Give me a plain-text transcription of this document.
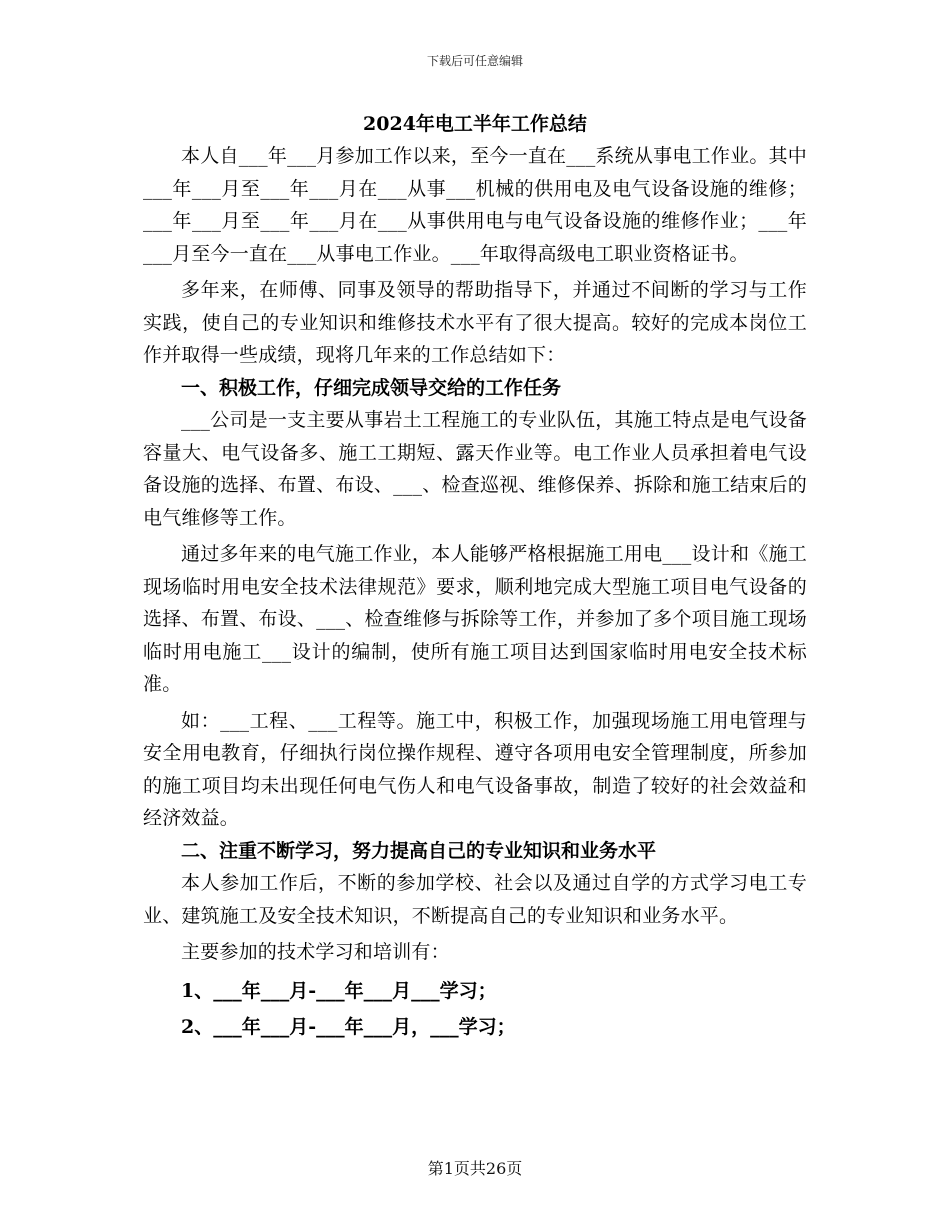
下载后可任意编辑
2024年电工半年工作总结

本人自___年___月参加工作以来，至今一直在___系统从事电工作业。其中___年___月至___年___月在___从事___机械的供用电及电气设备设施的维修；___年___月至___年___月在___从事供用电与电气设备设施的维修作业；___年___月至今一直在___从事电工作业。___年取得高级电工职业资格证书。

多年来，在师傅、同事及领导的帮助指导下，并通过不间断的学习与工作实践，使自己的专业知识和维修技术水平有了很大提高。较好的完成本岗位工作并取得一些成绩，现将几年来的工作总结如下：

一、积极工作，仔细完成领导交给的工作任务

___公司是一支主要从事岩土工程施工的专业队伍，其施工特点是电气设备容量大、电气设备多、施工工期短、露天作业等。电工作业人员承担着电气设备设施的选择、布置、布设、___、检查巡视、维修保养、拆除和施工结束后的电气维修等工作。

通过多年来的电气施工作业，本人能够严格根据施工用电___设计和《施工现场临时用电安全技术法律规范》要求，顺利地完成大型施工项目电气设备的选择、布置、布设、___、检查维修与拆除等工作，并参加了多个项目施工现场临时用电施工___设计的编制，使所有施工项目达到国家临时用电安全技术标准。

如：___工程、___工程等。施工中，积极工作，加强现场施工用电管理与安全用电教育，仔细执行岗位操作规程、遵守各项用电安全管理制度，所参加的施工项目均未出现任何电气伤人和电气设备事故，制造了较好的社会效益和经济效益。

二、注重不断学习，努力提高自己的专业知识和业务水平

本人参加工作后，不断的参加学校、社会以及通过自学的方式学习电工专业、建筑施工及安全技术知识，不断提高自己的专业知识和业务水平。

主要参加的技术学习和培训有：

1、___年___月-___年___月___学习；

2、___年___月-___年___月，___学习；

第1页共26页
